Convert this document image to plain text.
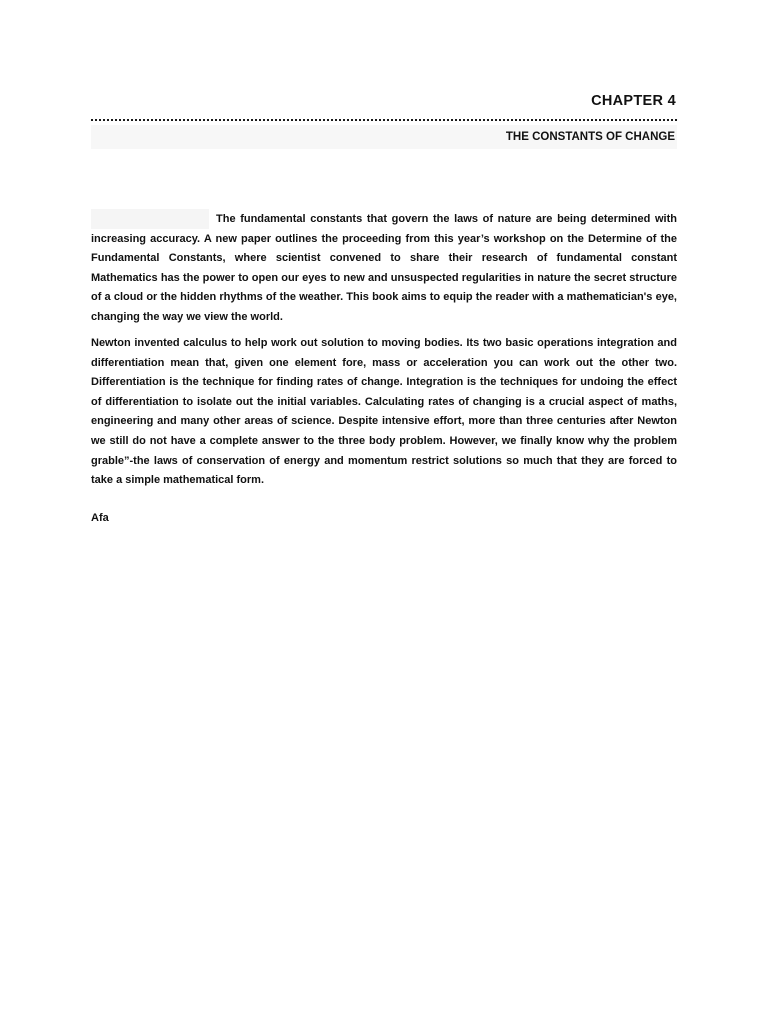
CHAPTER 4
THE CONSTANTS OF CHANGE

The fundamental constants that govern the laws of nature are being determined with increasing accuracy. A new paper outlines the proceeding from this year’s workshop on the Determine of the Fundamental Constants, where scientist convened to share their research of fundamental constant Mathematics has the power to open our eyes to new and unsuspected regularities in nature the secret structure of a cloud or the hidden rhythms of the weather. This book aims to equip the reader with a mathematician's eye, changing the way we view the world.

Newton invented calculus to help work out solution to moving bodies. Its two basic operations integration and differentiation mean that, given one element fore, mass or acceleration you can work out the other two. Differentiation is the technique for finding rates of change. Integration is the techniques for undoing the effect of differentiation to isolate out the initial variables. Calculating rates of changing is a crucial aspect of maths, engineering and many other areas of science. Despite intensive effort, more than three centuries after Newton we still do not have a complete answer to the three body problem. However, we finally know why the problem grable”-the laws of conservation of energy and momentum restrict solutions so much that they are forced to take a simple mathematical form.

Afa
